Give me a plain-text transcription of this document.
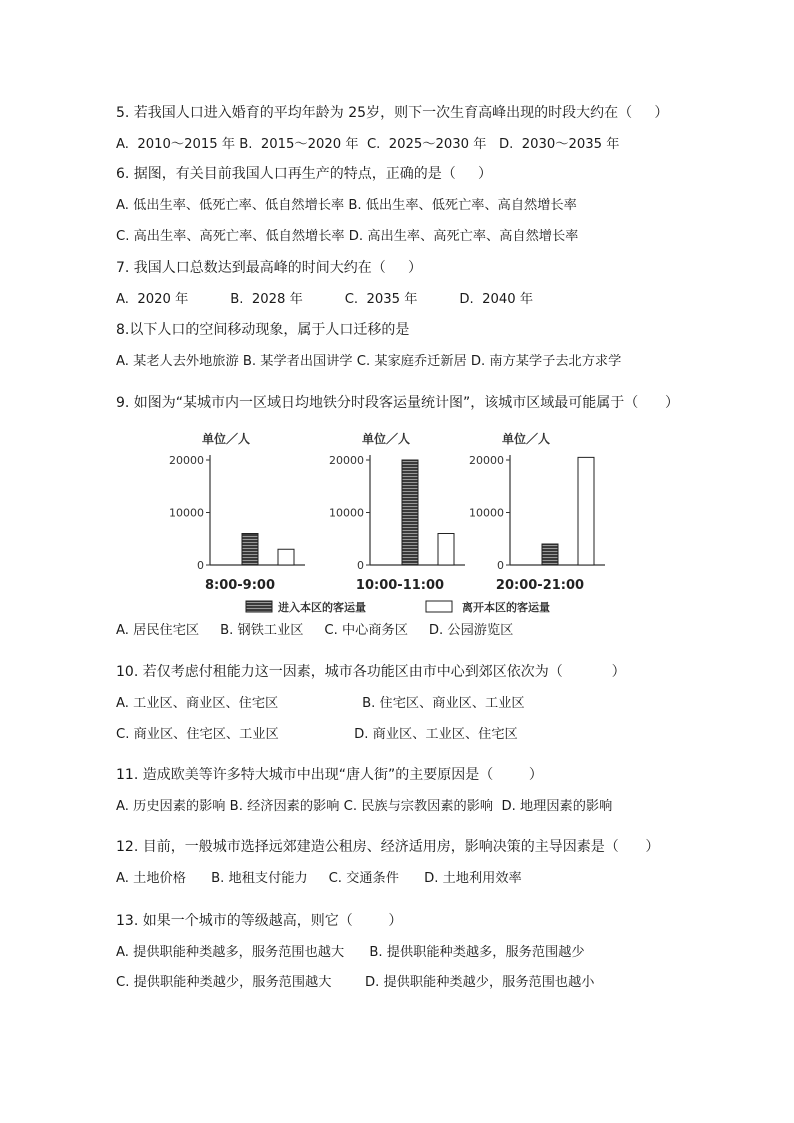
5. 若我国人口进入婚育的平均年龄为 25岁，则下一次生育高峰出现的时段大约在（     ）
A.  2010～2015 年 B.  2015～2020 年  C.  2025～2030 年   D.  2030～2035 年
6. 据图，有关目前我国人口再生产的特点，正确的是（     ）
A. 低出生率、低死亡率、低自然增长率 B. 低出生率、低死亡率、高自然增长率
C. 高出生率、高死亡率、低自然增长率 D. 高出生率、高死亡率、高自然增长率
7. 我国人口总数达到最高峰的时间大约在（     ）
A.  2020 年          B.  2028 年          C.  2035 年          D.  2040 年
8.以下人口的空间移动现象，属于人口迁移的是
A. 某老人去外地旅游 B. 某学者出国讲学 C. 某家庭乔迁新居 D. 南方某学子去北方求学
9. 如图为“某城市内一区域日均地铁分时段客运量统计图”，该城市区域最可能属于（      ）
单位／人
20000
10000
0
8:00-9:00
单位／人
20000
10000
0
10:00-11:00
单位／人
20000
10000
0
20:00-21:00
进入本区的客运量	离开本区的客运量
A. 居民住宅区     B. 钢铁工业区     C. 中心商务区     D. 公园游览区
10. 若仅考虑付租能力这一因素，城市各功能区由市中心到郊区依次为（           ）
A. 工业区、商业区、住宅区                    B. 住宅区、商业区、工业区
C. 商业区、住宅区、工业区                  D. 商业区、工业区、住宅区
11. 造成欧美等许多特大城市中出现“唐人街”的主要原因是（        ）
A. 历史因素的影响 B. 经济因素的影响 C. 民族与宗教因素的影响  D. 地理因素的影响
12. 目前，一般城市选择远郊建造公租房、经济适用房，影响决策的主导因素是（      ）
A. 土地价格      B. 地租支付能力     C. 交通条件      D. 土地利用效率
13. 如果一个城市的等级越高，则它（        ）
A. 提供职能种类越多，服务范围也越大      B. 提供职能种类越多，服务范围越少
C. 提供职能种类越少，服务范围越大        D. 提供职能种类越少，服务范围也越小
